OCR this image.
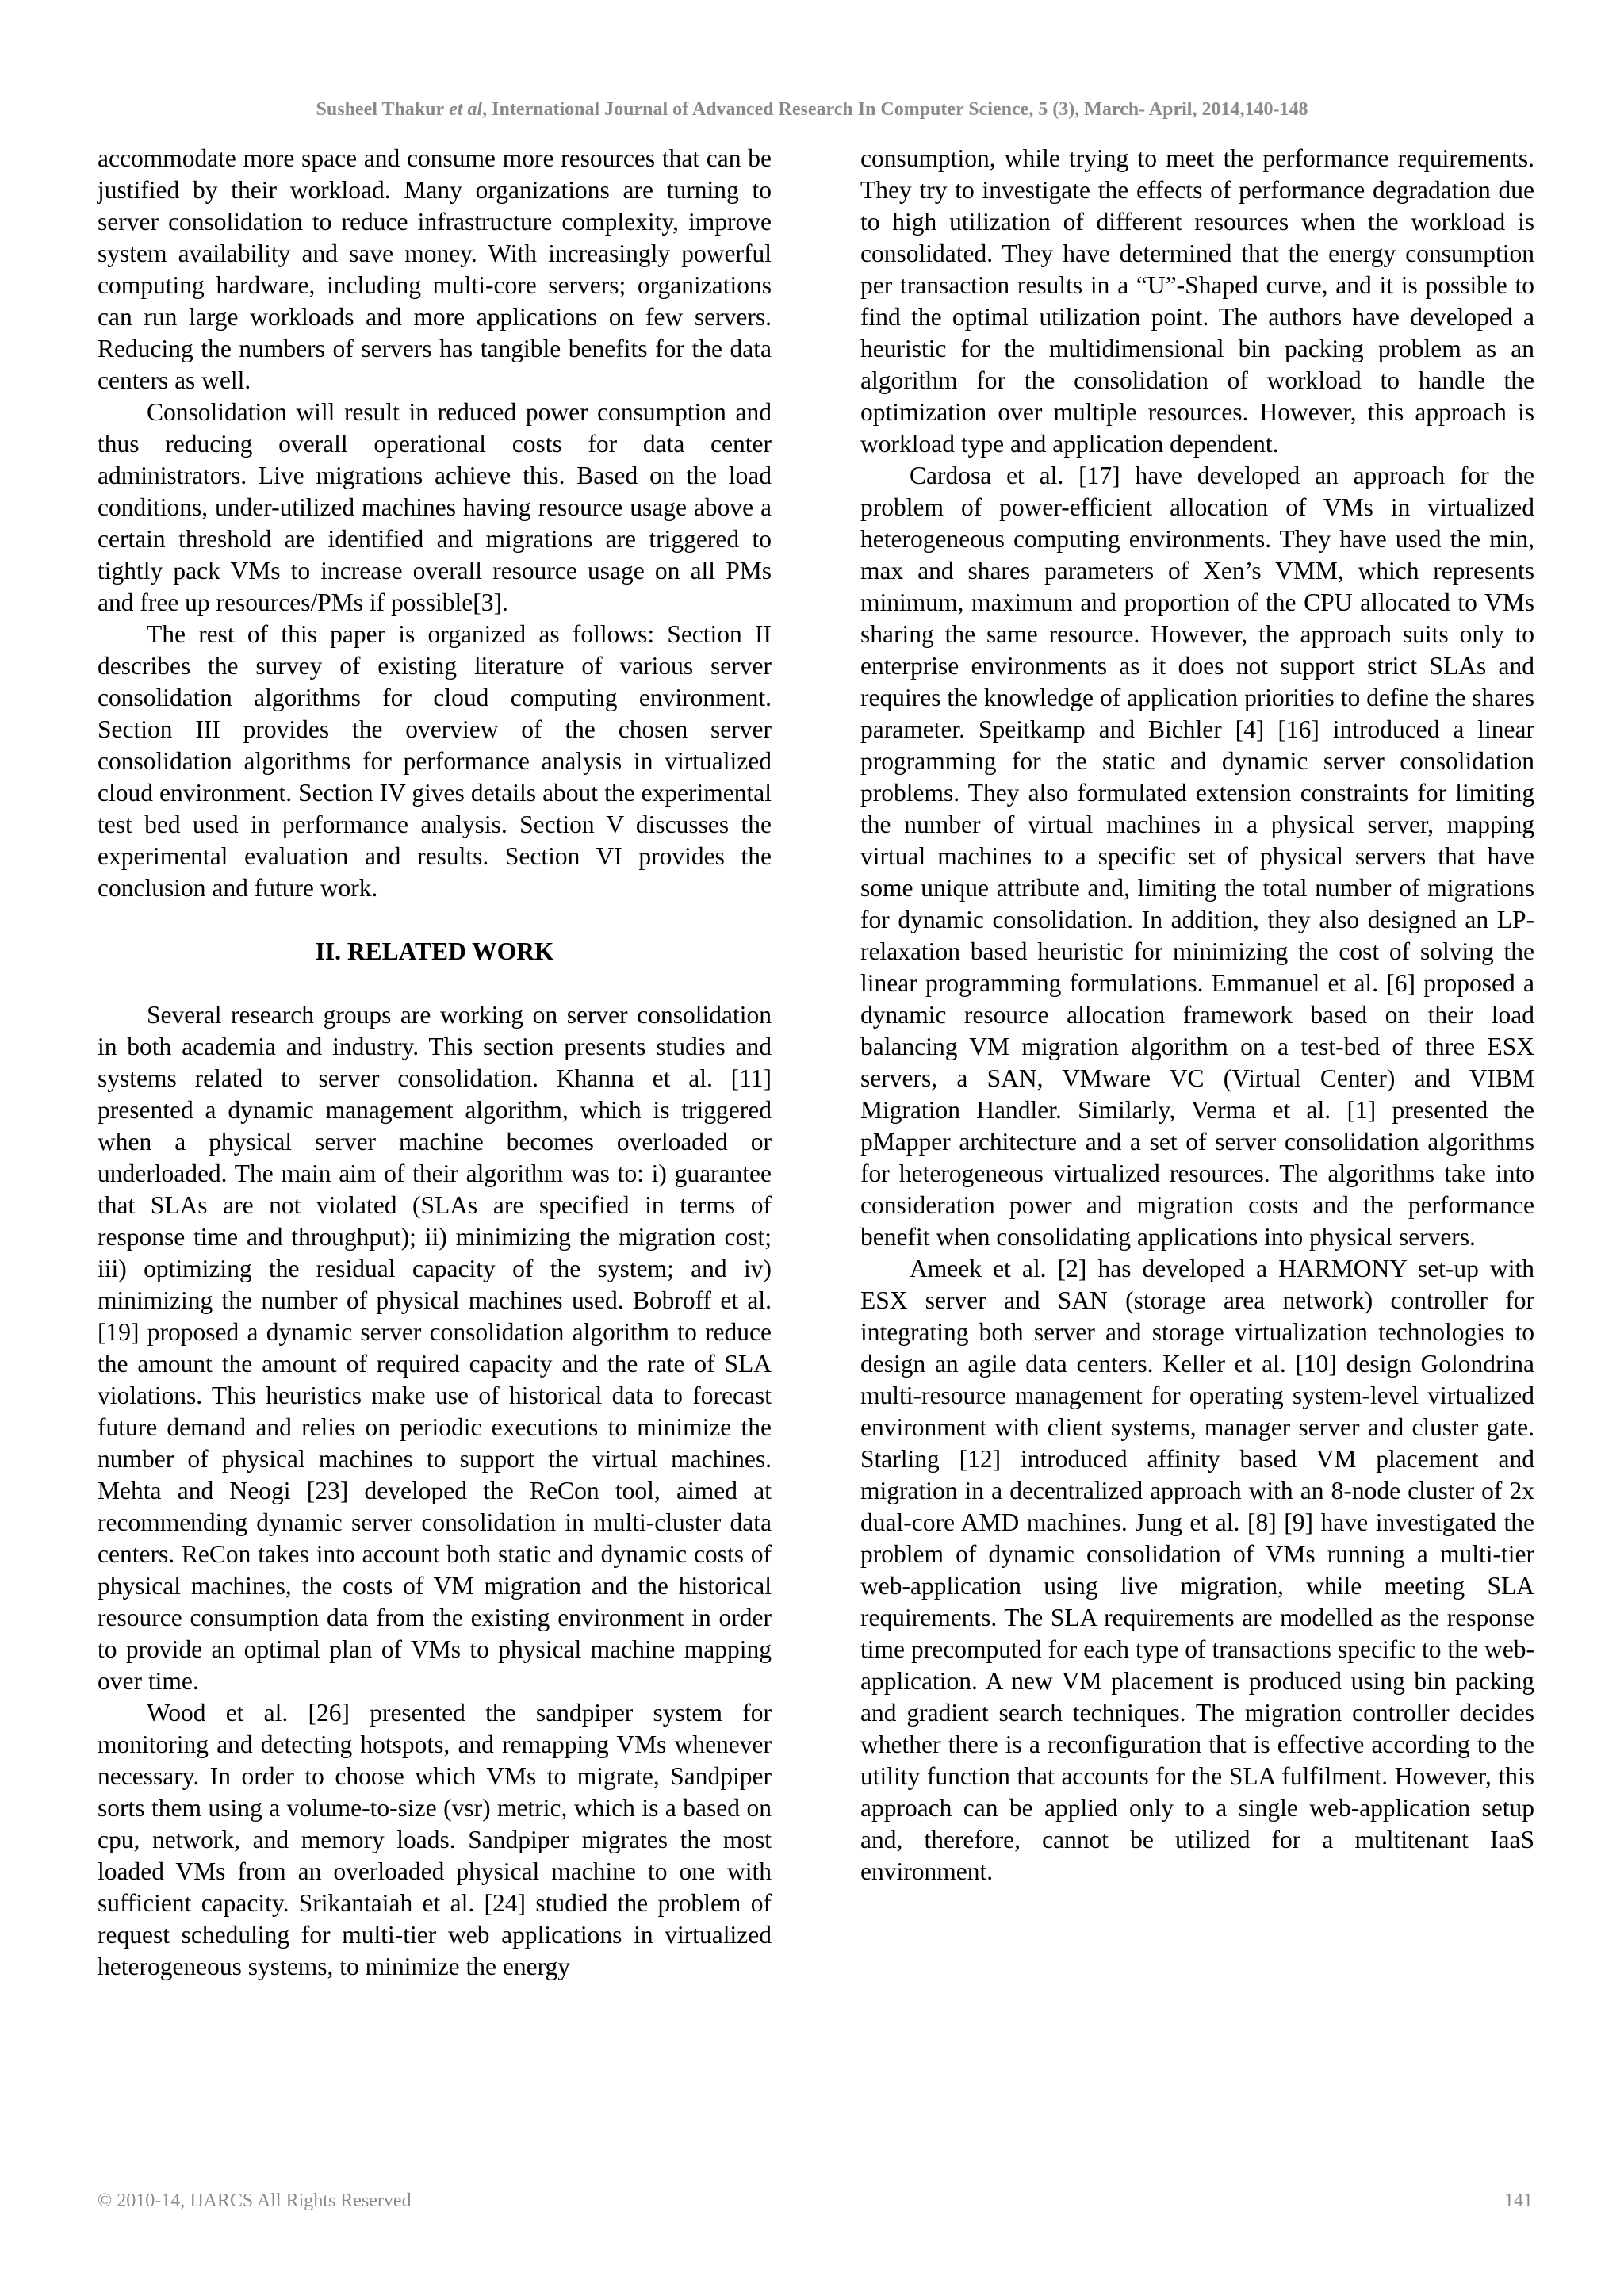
Susheel Thakur et al, International Journal of Advanced Research In Computer Science, 5 (3), March- April, 2014,140-148

accommodate more space and consume more resources that can be justified by their workload. Many organizations are turning to server consolidation to reduce infrastructure complexity, improve system availability and save money. With increasingly powerful computing hardware, including multi-core servers; organizations can run large workloads and more applications on few servers. Reducing the numbers of servers has tangible benefits for the data centers as well.

Consolidation will result in reduced power consumption and thus reducing overall operational costs for data center administrators. Live migrations achieve this. Based on the load conditions, under-utilized machines having resource usage above a certain threshold are identified and migrations are triggered to tightly pack VMs to increase overall resource usage on all PMs and free up resources/PMs if possible[3].

The rest of this paper is organized as follows: Section II describes the survey of existing literature of various server consolidation algorithms for cloud computing environment. Section III provides the overview of the chosen server consolidation algorithms for performance analysis in virtualized cloud environment. Section IV gives details about the experimental test bed used in performance analysis. Section V discusses the experimental evaluation and results. Section VI provides the conclusion and future work.

II. RELATED WORK

Several research groups are working on server consolidation in both academia and industry. This section presents studies and systems related to server consolidation. Khanna et al. [11] presented a dynamic management algorithm, which is triggered when a physical server machine becomes overloaded or underloaded. The main aim of their algorithm was to: i) guarantee that SLAs are not violated (SLAs are specified in terms of response time and throughput); ii) minimizing the migration cost; iii) optimizing the residual capacity of the system; and iv) minimizing the number of physical machines used. Bobroff et al. [19] proposed a dynamic server consolidation algorithm to reduce the amount the amount of required capacity and the rate of SLA violations. This heuristics make use of historical data to forecast future demand and relies on periodic executions to minimize the number of physical machines to support the virtual machines. Mehta and Neogi [23] developed the ReCon tool, aimed at recommending dynamic server consolidation in multi-cluster data centers. ReCon takes into account both static and dynamic costs of physical machines, the costs of VM migration and the historical resource consumption data from the existing environment in order to provide an optimal plan of VMs to physical machine mapping over time.

Wood et al. [26] presented the sandpiper system for monitoring and detecting hotspots, and remapping VMs whenever necessary. In order to choose which VMs to migrate, Sandpiper sorts them using a volume-to-size (vsr) metric, which is a based on cpu, network, and memory loads. Sandpiper migrates the most loaded VMs from an overloaded physical machine to one with sufficient capacity. Srikantaiah et al. [24] studied the problem of request scheduling for multi-tier web applications in virtualized heterogeneous systems, to minimize the energy

consumption, while trying to meet the performance requirements. They try to investigate the effects of performance degradation due to high utilization of different resources when the workload is consolidated. They have determined that the energy consumption per transaction results in a “U”-Shaped curve, and it is possible to find the optimal utilization point. The authors have developed a heuristic for the multidimensional bin packing problem as an algorithm for the consolidation of workload to handle the optimization over multiple resources. However, this approach is workload type and application dependent.

Cardosa et al. [17] have developed an approach for the problem of power-efficient allocation of VMs in virtualized heterogeneous computing environments. They have used the min, max and shares parameters of Xen’s VMM, which represents minimum, maximum and proportion of the CPU allocated to VMs sharing the same resource. However, the approach suits only to enterprise environments as it does not support strict SLAs and requires the knowledge of application priorities to define the shares parameter. Speitkamp and Bichler [4] [16] introduced a linear programming for the static and dynamic server consolidation problems. They also formulated extension constraints for limiting the number of virtual machines in a physical server, mapping virtual machines to a specific set of physical servers that have some unique attribute and, limiting the total number of migrations for dynamic consolidation. In addition, they also designed an LP-relaxation based heuristic for minimizing the cost of solving the linear programming formulations. Emmanuel et al. [6] proposed a dynamic resource allocation framework based on their load balancing VM migration algorithm on a test-bed of three ESX servers, a SAN, VMware VC (Virtual Center) and VIBM Migration Handler. Similarly, Verma et al. [1] presented the pMapper architecture and a set of server consolidation algorithms for heterogeneous virtualized resources. The algorithms take into consideration power and migration costs and the performance benefit when consolidating applications into physical servers.

Ameek et al. [2] has developed a HARMONY set-up with ESX server and SAN (storage area network) controller for integrating both server and storage virtualization technologies to design an agile data centers. Keller et al. [10] design Golondrina multi-resource management for operating system-level virtualized environment with client systems, manager server and cluster gate. Starling [12] introduced affinity based VM placement and migration in a decentralized approach with an 8-node cluster of 2x dual-core AMD machines. Jung et al. [8] [9] have investigated the problem of dynamic consolidation of VMs running a multi-tier web-application using live migration, while meeting SLA requirements. The SLA requirements are modelled as the response time precomputed for each type of transactions specific to the web-application. A new VM placement is produced using bin packing and gradient search techniques. The migration controller decides whether there is a reconfiguration that is effective according to the utility function that accounts for the SLA fulfilment. However, this approach can be applied only to a single web-application setup and, therefore, cannot be utilized for a multitenant IaaS environment.

© 2010-14, IJARCS All Rights Reserved	141
